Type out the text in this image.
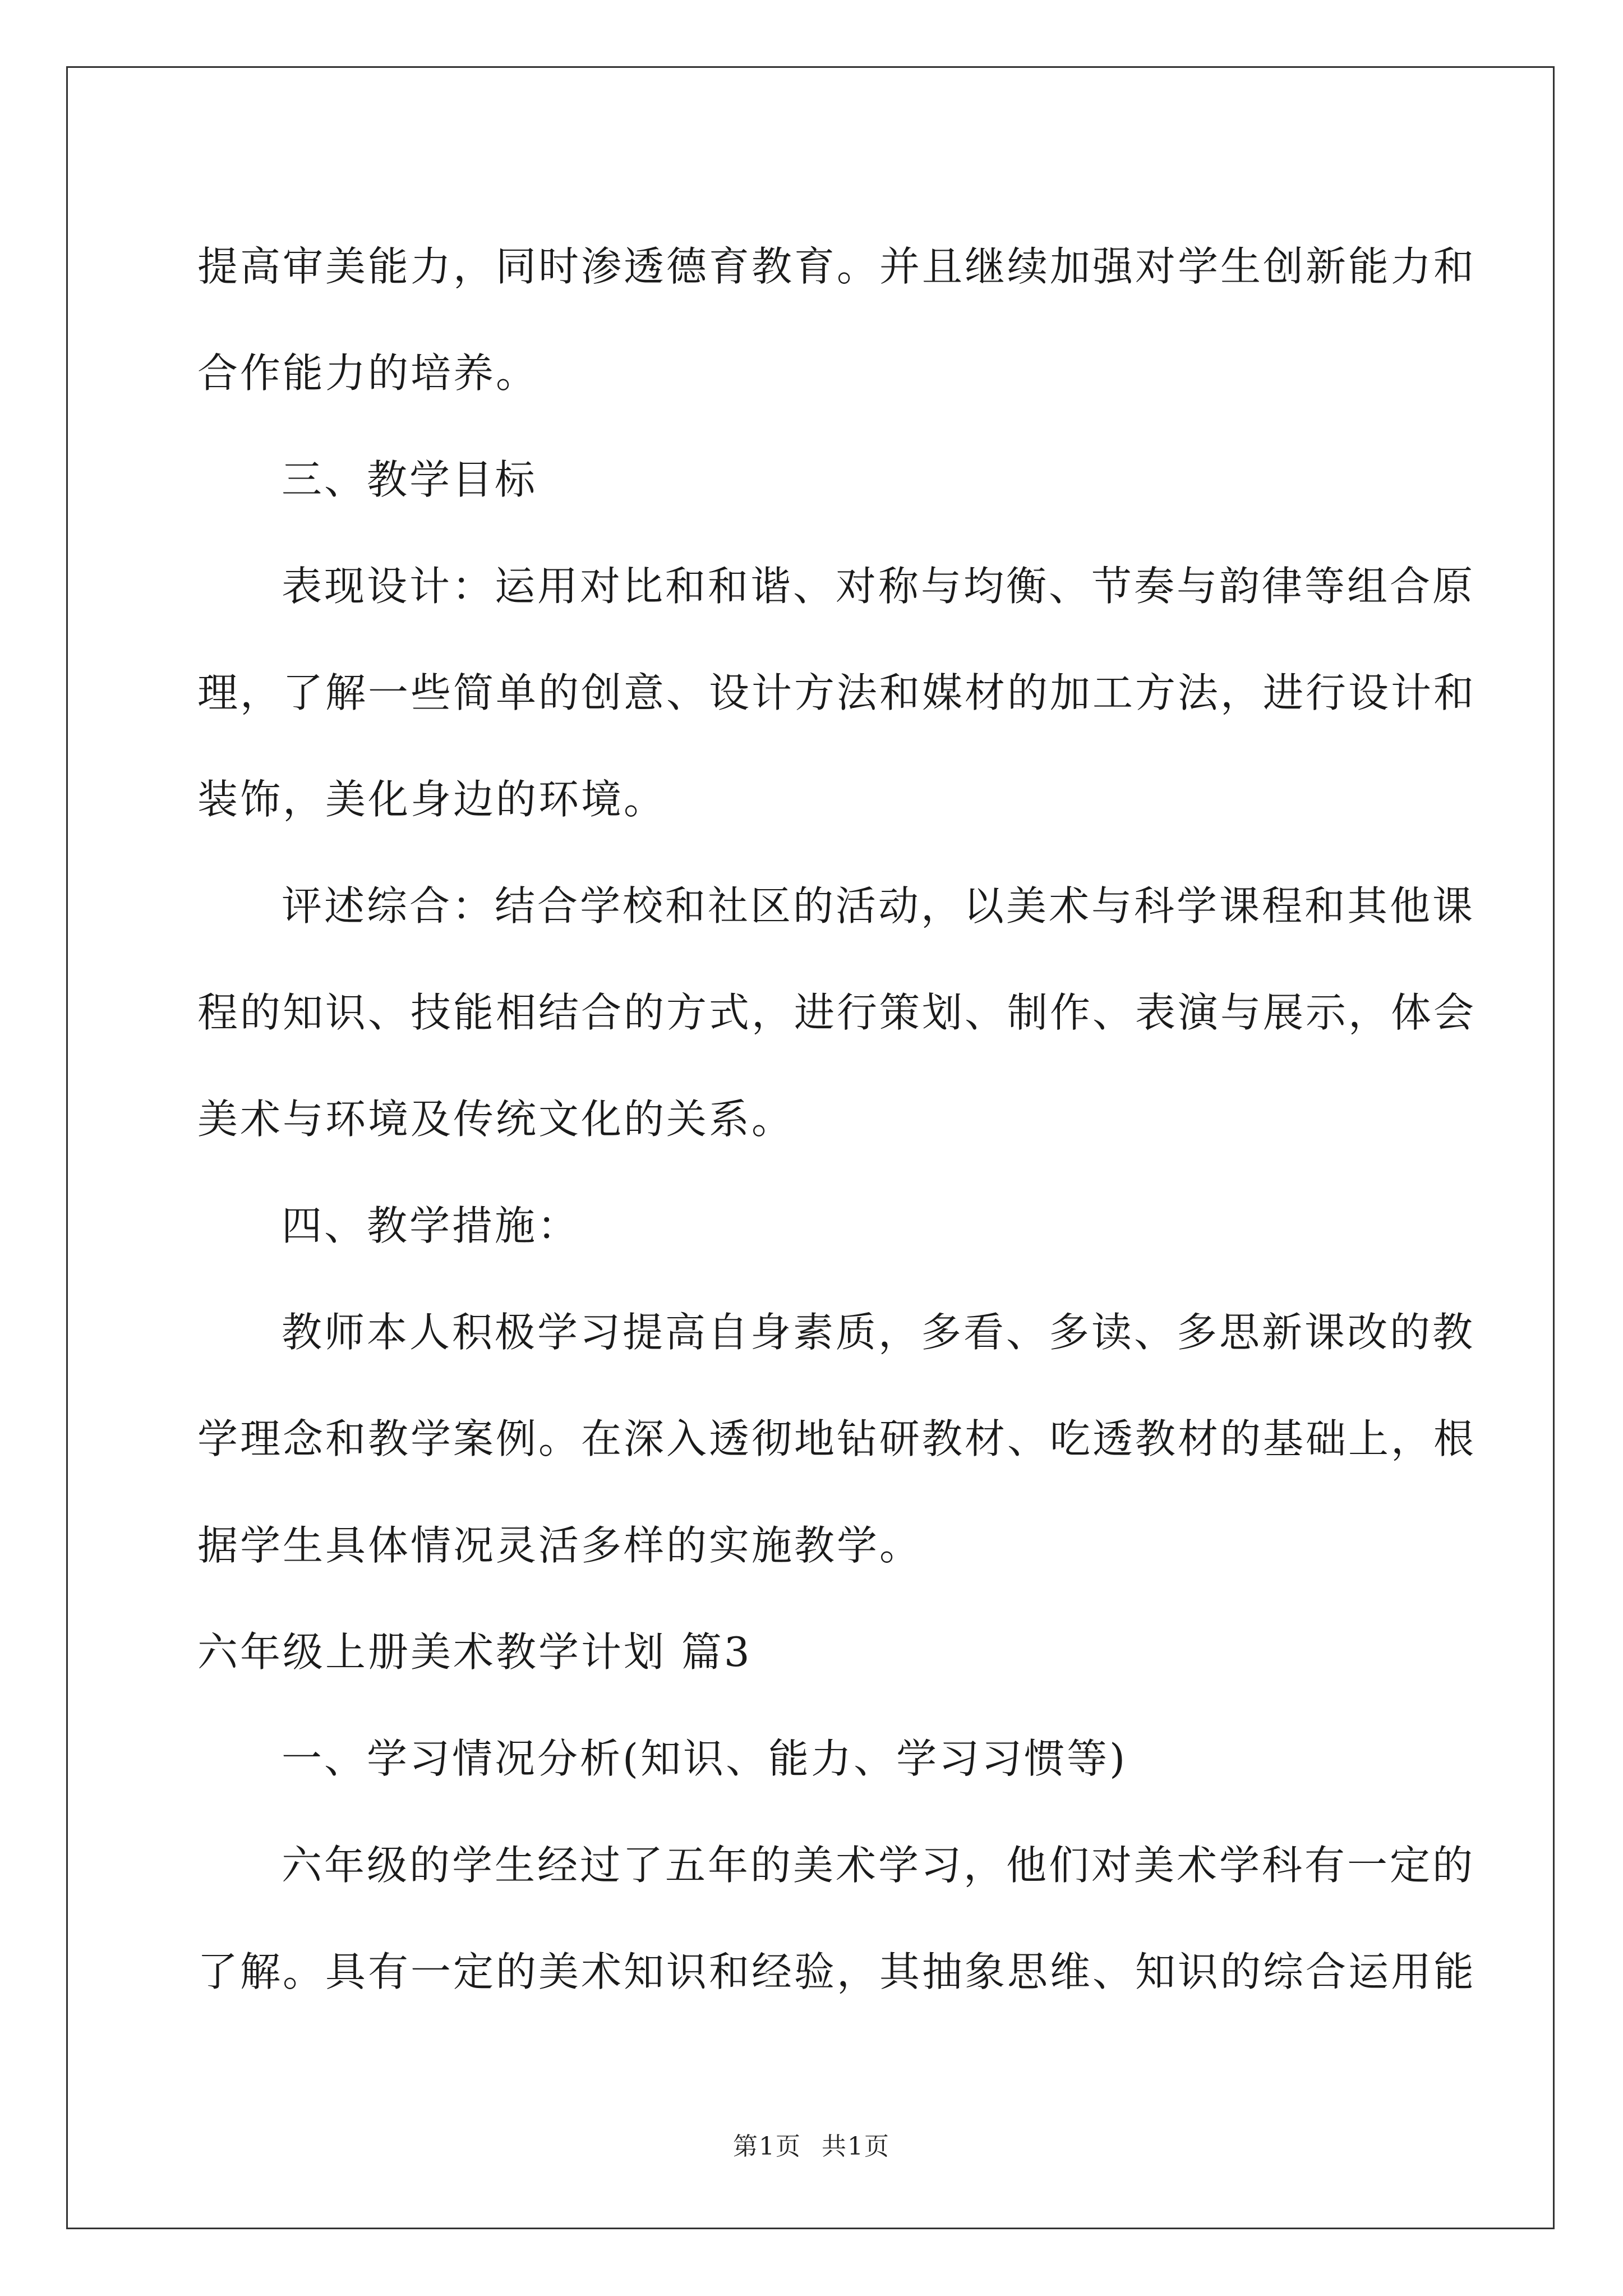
提高审美能力，同时渗透德育教育。并且继续加强对学生创新能力和
合作能力的培养。
三、教学目标
表现设计：运用对比和和谐、对称与均衡、节奏与韵律等组合原
理，了解一些简单的创意、设计方法和媒材的加工方法，进行设计和
装饰，美化身边的环境。
评述综合：结合学校和社区的活动，以美术与科学课程和其他课
程的知识、技能相结合的方式，进行策划、制作、表演与展示，体会
美术与环境及传统文化的关系。
四、教学措施：
教师本人积极学习提高自身素质，多看、多读、多思新课改的教
学理念和教学案例。在深入透彻地钻研教材、吃透教材的基础上，根
据学生具体情况灵活多样的实施教学。
六年级上册美术教学计划 篇3
一、学习情况分析(知识、能力、学习习惯等)
六年级的学生经过了五年的美术学习，他们对美术学科有一定的
了解。具有一定的美术知识和经验，其抽象思维、知识的综合运用能
第1页 共1页
